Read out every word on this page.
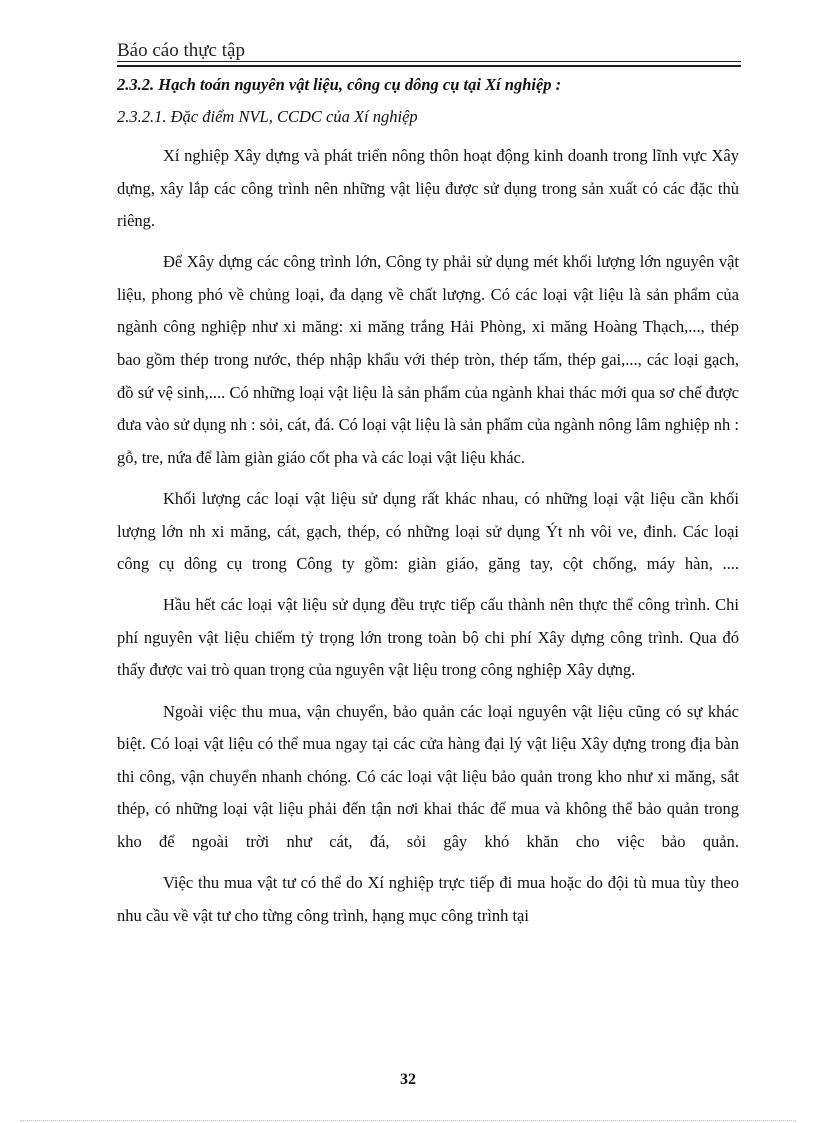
Báo cáo thực tập
2.3.2. Hạch toán nguyên vật liệu, công cụ dông cụ tại Xí nghiệp :
2.3.2.1. Đặc điểm NVL, CCDC của Xí nghiệp

Xí nghiệp Xây dựng và phát triển nông thôn hoạt động kinh doanh trong lĩnh vực Xây dựng, xây lắp các công trình nên những vật liệu được sử dụng trong sản xuất có các đặc thù riêng.

Để Xây dựng các công trình lớn, Công ty phải sử dụng mét khối lượng lớn nguyên vật liệu, phong phó về chủng loại, đa dạng về chất lượng. Có các loại vật liệu là sản phẩm của ngành công nghiệp như xi măng: xi măng trắng Hải Phòng, xi măng Hoàng Thạch,..., thép bao gồm thép trong nước, thép nhập khẩu với thép tròn, thép tấm, thép gai,..., các loại gạch, đồ sứ vệ sinh,.... Có những loại vật liệu là sản phẩm của ngành khai thác mới qua sơ chế được đưa vào sử dụng nh : sỏi, cát, đá. Có loại vật liệu là sản phẩm của ngành nông lâm nghiệp nh : gỗ, tre, nứa để làm giàn giáo cốt pha và các loại vật liệu khác.

Khối lượng các loại vật liệu sử dụng rất khác nhau, có những loại vật liệu cần khối lượng lớn nh xi măng, cát, gạch, thép, có những loại sử dụng Ýt nh vôi ve, đinh. Các loại công cụ dông cụ trong Công ty gồm: giàn giáo, găng tay, cột chống, máy hàn, ....

Hầu hết các loại vật liệu sử dụng đều trực tiếp cấu thành nên thực thể công trình. Chi phí nguyên vật liệu chiếm tỷ trọng lớn trong toàn bộ chi phí Xây dựng công trình. Qua đó thấy được vai trò quan trọng của nguyên vật liệu trong công nghiệp Xây dựng.

Ngoài việc thu mua, vận chuyển, bảo quản các loại nguyên vật liệu cũng có sự khác biệt. Có loại vật liệu có thể mua ngay tại các cửa hàng đại lý vật liệu Xây dựng trong địa bàn thi công, vận chuyển nhanh chóng. Có các loại vật liệu bảo quản trong kho như xi măng, sắt thép, có những loại vật liệu phải đến tận nơi khai thác để mua và không thể bảo quản trong kho để ngoài trời như cát, đá, sỏi gây khó khăn cho việc bảo quản.

Việc thu mua vật tư có thể do Xí nghiệp trực tiếp đi mua hoặc do đội tù mua tùy theo nhu cầu về vật tư cho từng công trình, hạng mục công trình tại

32
